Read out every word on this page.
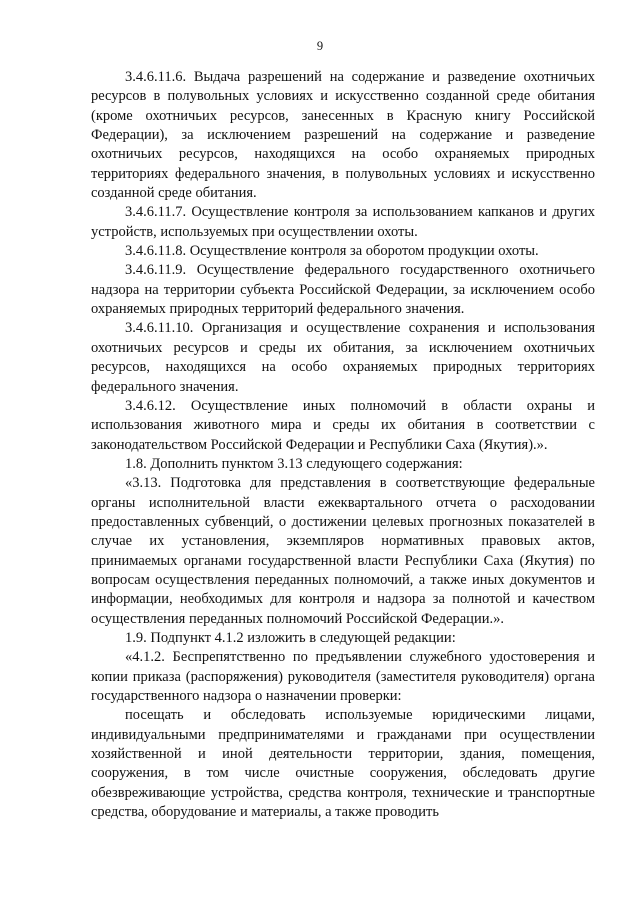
9

3.4.6.11.6. Выдача разрешений на содержание и разведение охотничьих ресурсов в полувольных условиях и искусственно созданной среде обитания (кроме охотничьих ресурсов, занесенных в Красную книгу Российской Федерации), за исключением разрешений на содержание и разведение охотничьих ресурсов, находящихся на особо охраняемых природных территориях федерального значения, в полувольных условиях и искусственно созданной среде обитания.

3.4.6.11.7. Осуществление контроля за использованием капканов и других устройств, используемых при осуществлении охоты.

3.4.6.11.8. Осуществление контроля за оборотом продукции охоты.

3.4.6.11.9. Осуществление федерального государственного охотничьего надзора на территории субъекта Российской Федерации, за исключением особо охраняемых природных территорий федерального значения.

3.4.6.11.10. Организация и осуществление сохранения и использования охотничьих ресурсов и среды их обитания, за исключением охотничьих ресурсов, находящихся на особо охраняемых природных территориях федерального значения.

3.4.6.12. Осуществление иных полномочий в области охраны и использования животного мира и среды их обитания в соответствии с законодательством Российской Федерации и Республики Саха (Якутия).».

1.8. Дополнить пунктом 3.13 следующего содержания:

«3.13. Подготовка для представления в соответствующие федеральные органы исполнительной власти ежеквартального отчета о расходовании предоставленных субвенций, о достижении целевых прогнозных показателей в случае их установления, экземпляров нормативных правовых актов, принимаемых органами государственной власти Республики Саха (Якутия) по вопросам осуществления переданных полномочий, а также иных документов и информации, необходимых для контроля и надзора за полнотой и качеством осуществления переданных полномочий Российской Федерации.».

1.9. Подпункт 4.1.2 изложить в следующей редакции:

«4.1.2. Беспрепятственно по предъявлении служебного удостоверения и копии приказа (распоряжения) руководителя (заместителя руководителя) органа государственного надзора о назначении проверки:

посещать и обследовать используемые юридическими лицами, индивидуальными предпринимателями и гражданами при осуществлении хозяйственной и иной деятельности территории, здания, помещения, сооружения, в том числе очистные сооружения, обследовать другие обезвреживающие устройства, средства контроля, технические и транспортные средства, оборудование и материалы, а также проводить
